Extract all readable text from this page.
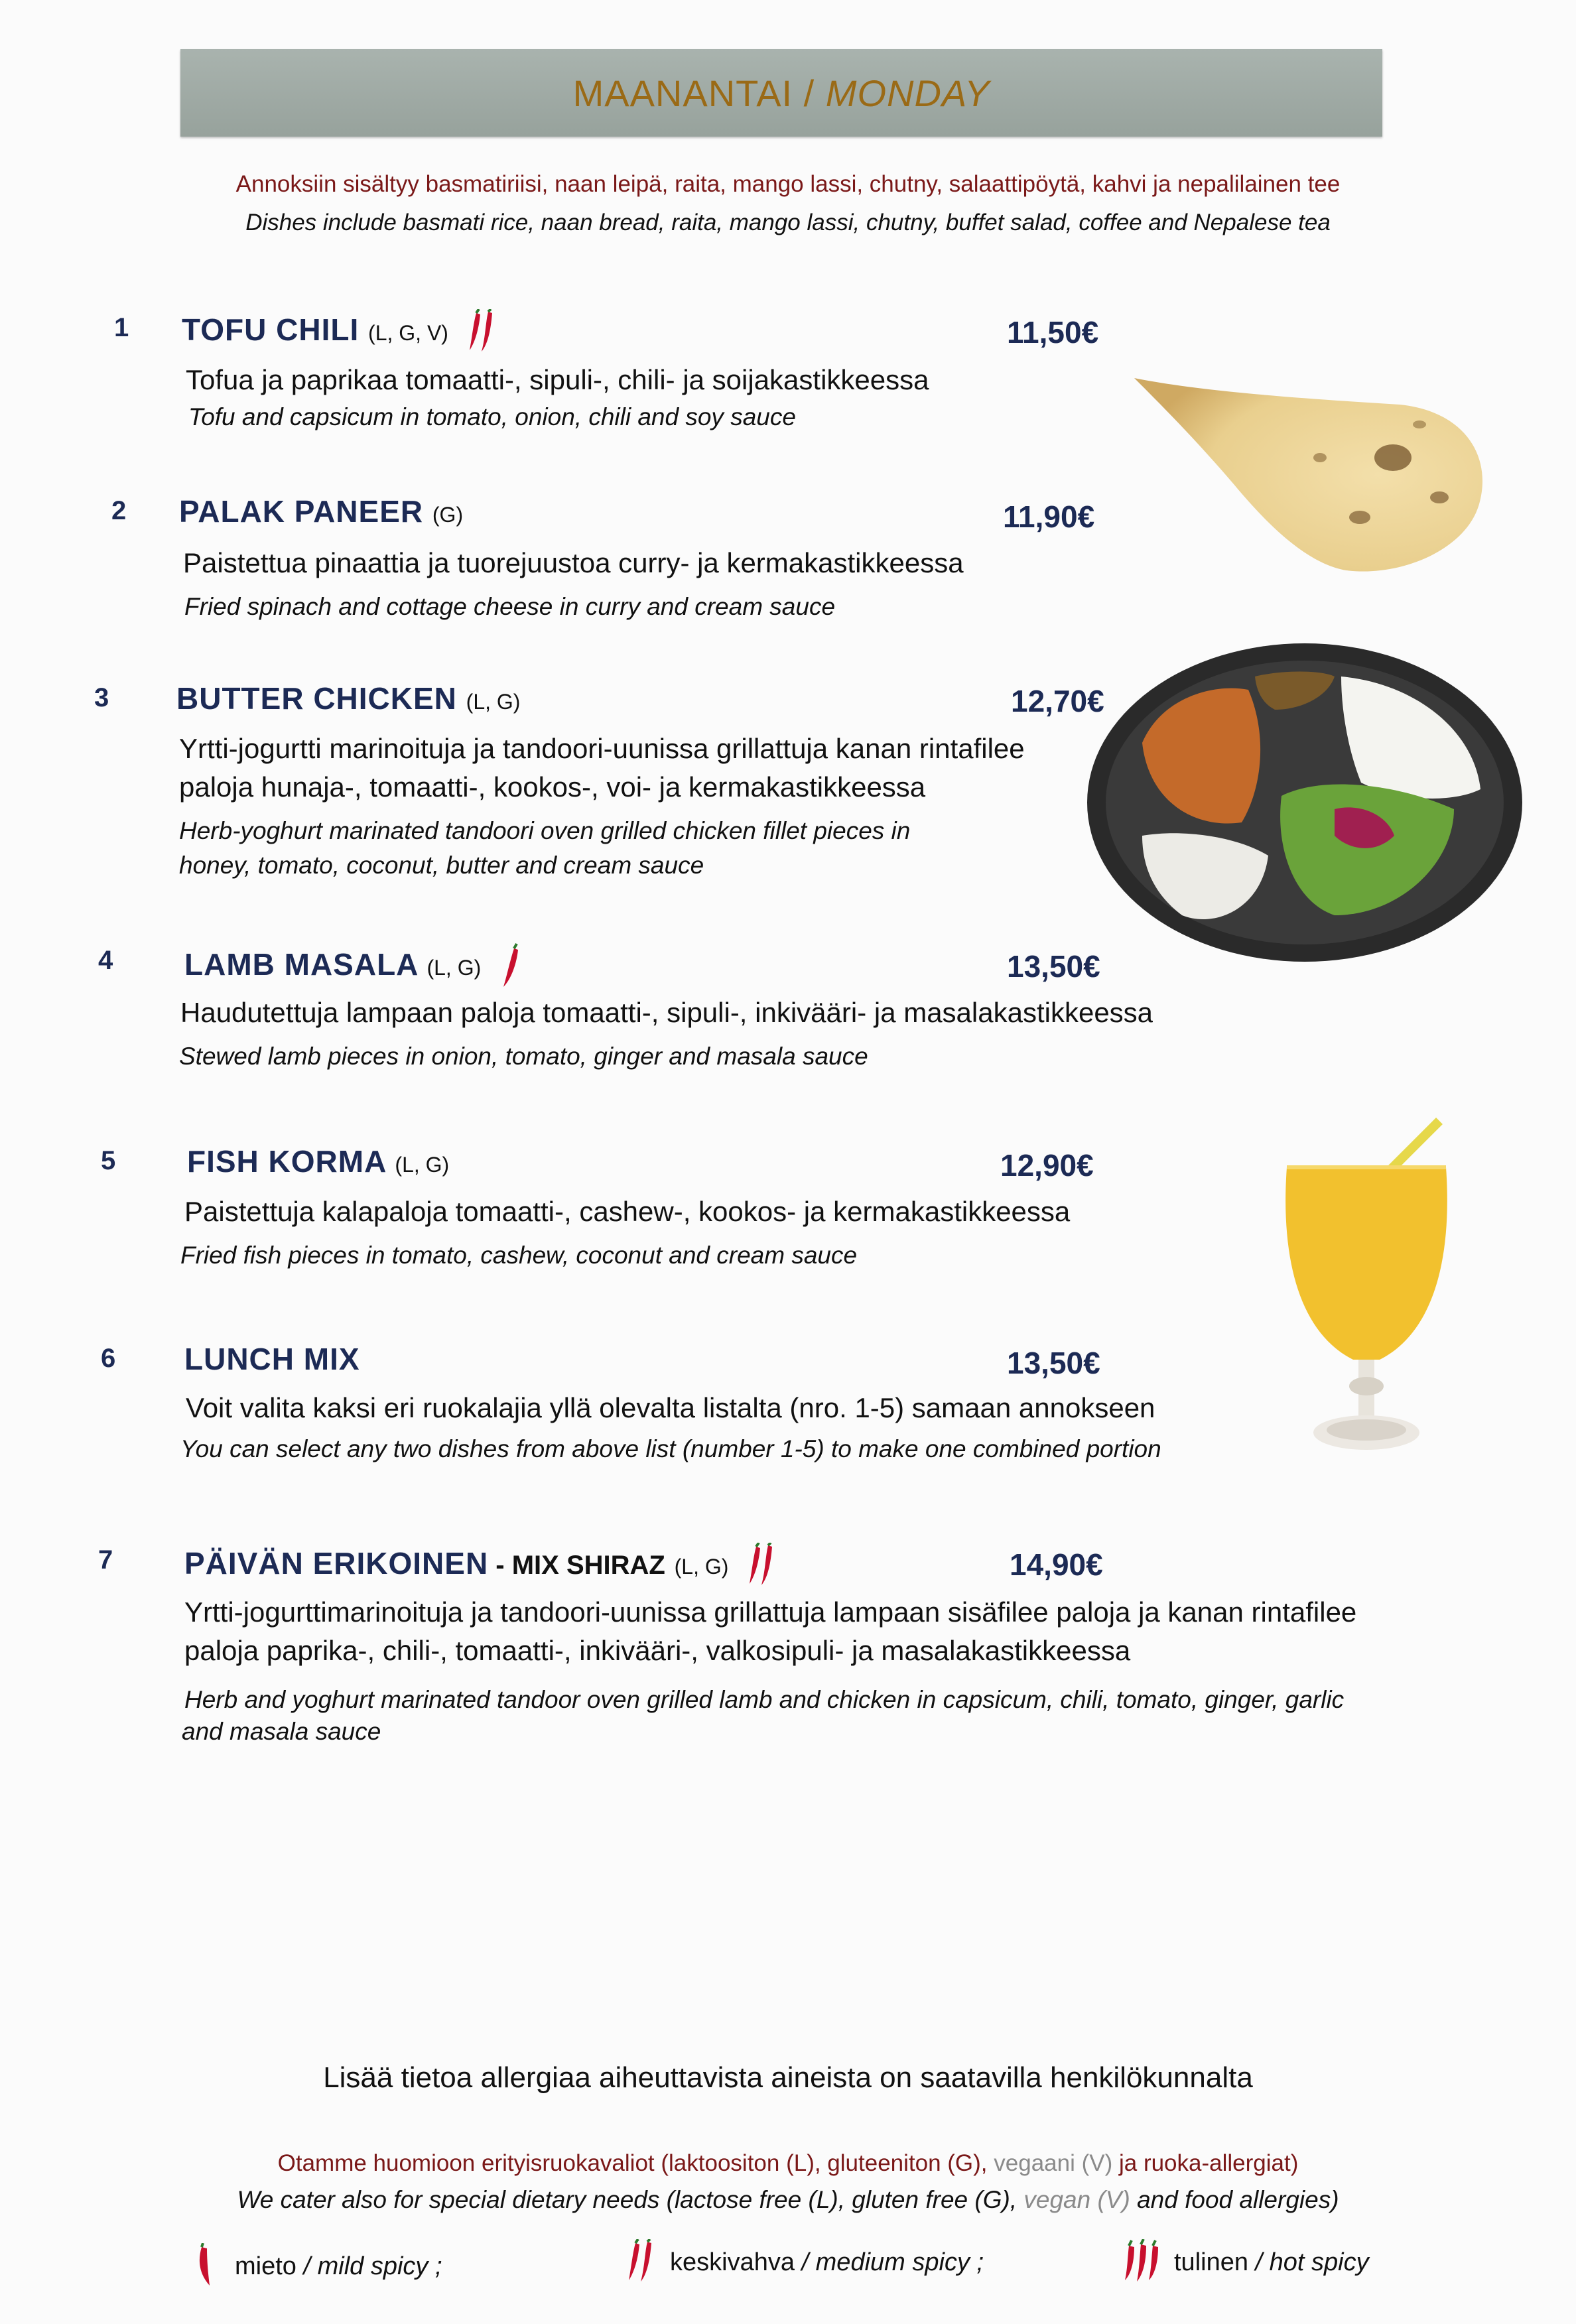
MAANANTAI / MONDAY
Annoksiin sisältyy basmatiriisi, naan leipä, raita, mango lassi, chutny, salaattipöytä, kahvi ja nepalilainen tee
Dishes include basmati rice, naan bread, raita, mango lassi, chutny, buffet salad, coffee and Nepalese tea
1 TOFU CHILI (L, G, V)	11,50€
Tofua ja paprikaa tomaatti-, sipuli-, chili- ja soijakastikkeessa
Tofu and capsicum in tomato, onion, chili and soy sauce
2 PALAK PANEER (G)	11,90€
Paistettua pinaattia ja tuorejuustoa curry- ja kermakastikkeessa
Fried spinach and cottage cheese in curry and cream sauce
3 BUTTER CHICKEN (L, G)	12,70€
Yrtti-jogurtti marinoituja ja tandoori-uunissa grillattuja kanan rintafilee
paloja hunaja-, tomaatti-, kookos-, voi- ja kermakastikkeessa
Herb-yoghurt marinated tandoori oven grilled chicken fillet pieces in
honey, tomato, coconut, butter and cream sauce
4 LAMB MASALA (L, G)	13,50€
Haudutettuja lampaan paloja tomaatti-, sipuli-, inkivääri- ja masalakastikkeessa
Stewed lamb pieces in onion, tomato, ginger and masala sauce
5 FISH KORMA (L, G)	12,90€
Paistettuja kalapaloja tomaatti-, cashew-, kookos- ja kermakastikkeessa
Fried fish pieces in tomato, cashew, coconut and cream sauce
6 LUNCH MIX	13,50€
Voit valita kaksi eri ruokalajia yllä olevalta listalta (nro. 1-5) samaan annokseen
You can select any two dishes from above list (number 1-5) to make one combined portion
7 PÄIVÄN ERIKOINEN - MIX SHIRAZ (L, G)	14,90€
Yrtti-jogurttimarinoituja ja tandoori-uunissa grillattuja lampaan sisäfilee paloja ja kanan rintafilee
paloja paprika-, chili-, tomaatti-, inkivääri-, valkosipuli- ja masalakastikkeessa
Herb and yoghurt marinated tandoor oven grilled lamb and chicken in capsicum, chili, tomato, ginger, garlic
and masala sauce
Lisää tietoa allergiaa aiheuttavista aineista on saatavilla henkilökunnalta
Otamme huomioon erityisruokavaliot (laktoositon (L), gluteeniton (G), vegaani (V) ja ruoka-allergiat)
We cater also for special dietary needs (lactose free (L), gluten free (G), vegan (V) and food allergies)
mieto / mild spicy ;	keskivahva / medium spicy ;	tulinen / hot spicy
